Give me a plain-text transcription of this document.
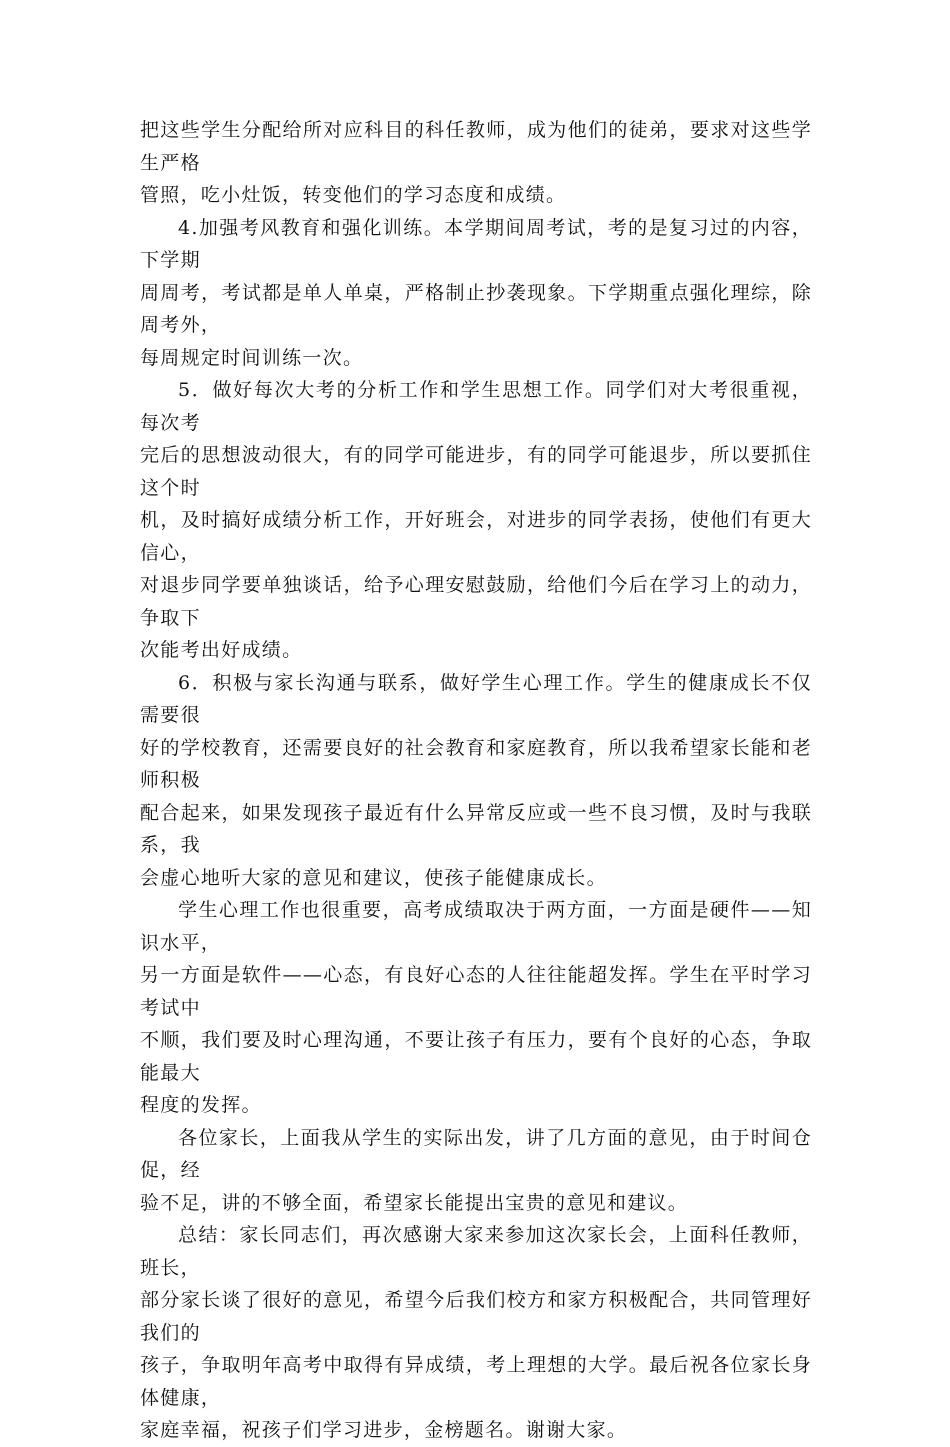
把这些学生分配给所对应科目的科任教师，成为他们的徒弟，要求对这些学生严格
管照，吃小灶饭，转变他们的学习态度和成绩。

4.加强考风教育和强化训练。本学期间周考试，考的是复习过的内容，下学期
周周考，考试都是单人单桌，严格制止抄袭现象。下学期重点强化理综，除周考外，
每周规定时间训练一次。

5．做好每次大考的分析工作和学生思想工作。同学们对大考很重视，每次考
完后的思想波动很大，有的同学可能进步，有的同学可能退步，所以要抓住这个时
机，及时搞好成绩分析工作，开好班会，对进步的同学表扬，使他们有更大信心，
对退步同学要单独谈话，给予心理安慰鼓励，给他们今后在学习上的动力，争取下
次能考出好成绩。

6．积极与家长沟通与联系，做好学生心理工作。学生的健康成长不仅需要很
好的学校教育，还需要良好的社会教育和家庭教育，所以我希望家长能和老师积极
配合起来，如果发现孩子最近有什么异常反应或一些不良习惯，及时与我联系，我
会虚心地听大家的意见和建议，使孩子能健康成长。

学生心理工作也很重要，高考成绩取决于两方面，一方面是硬件——知识水平，
另一方面是软件——心态，有良好心态的人往往能超发挥。学生在平时学习考试中
不顺，我们要及时心理沟通，不要让孩子有压力，要有个良好的心态，争取能最大
程度的发挥。

各位家长，上面我从学生的实际出发，讲了几方面的意见，由于时间仓促，经
验不足，讲的不够全面，希望家长能提出宝贵的意见和建议。

总结：家长同志们，再次感谢大家来参加这次家长会，上面科任教师，班长，
部分家长谈了很好的意见，希望今后我们校方和家方积极配合，共同管理好我们的
孩子，争取明年高考中取得有异成绩，考上理想的大学。最后祝各位家长身体健康，
家庭幸福，祝孩子们学习进步，金榜题名。谢谢大家。
